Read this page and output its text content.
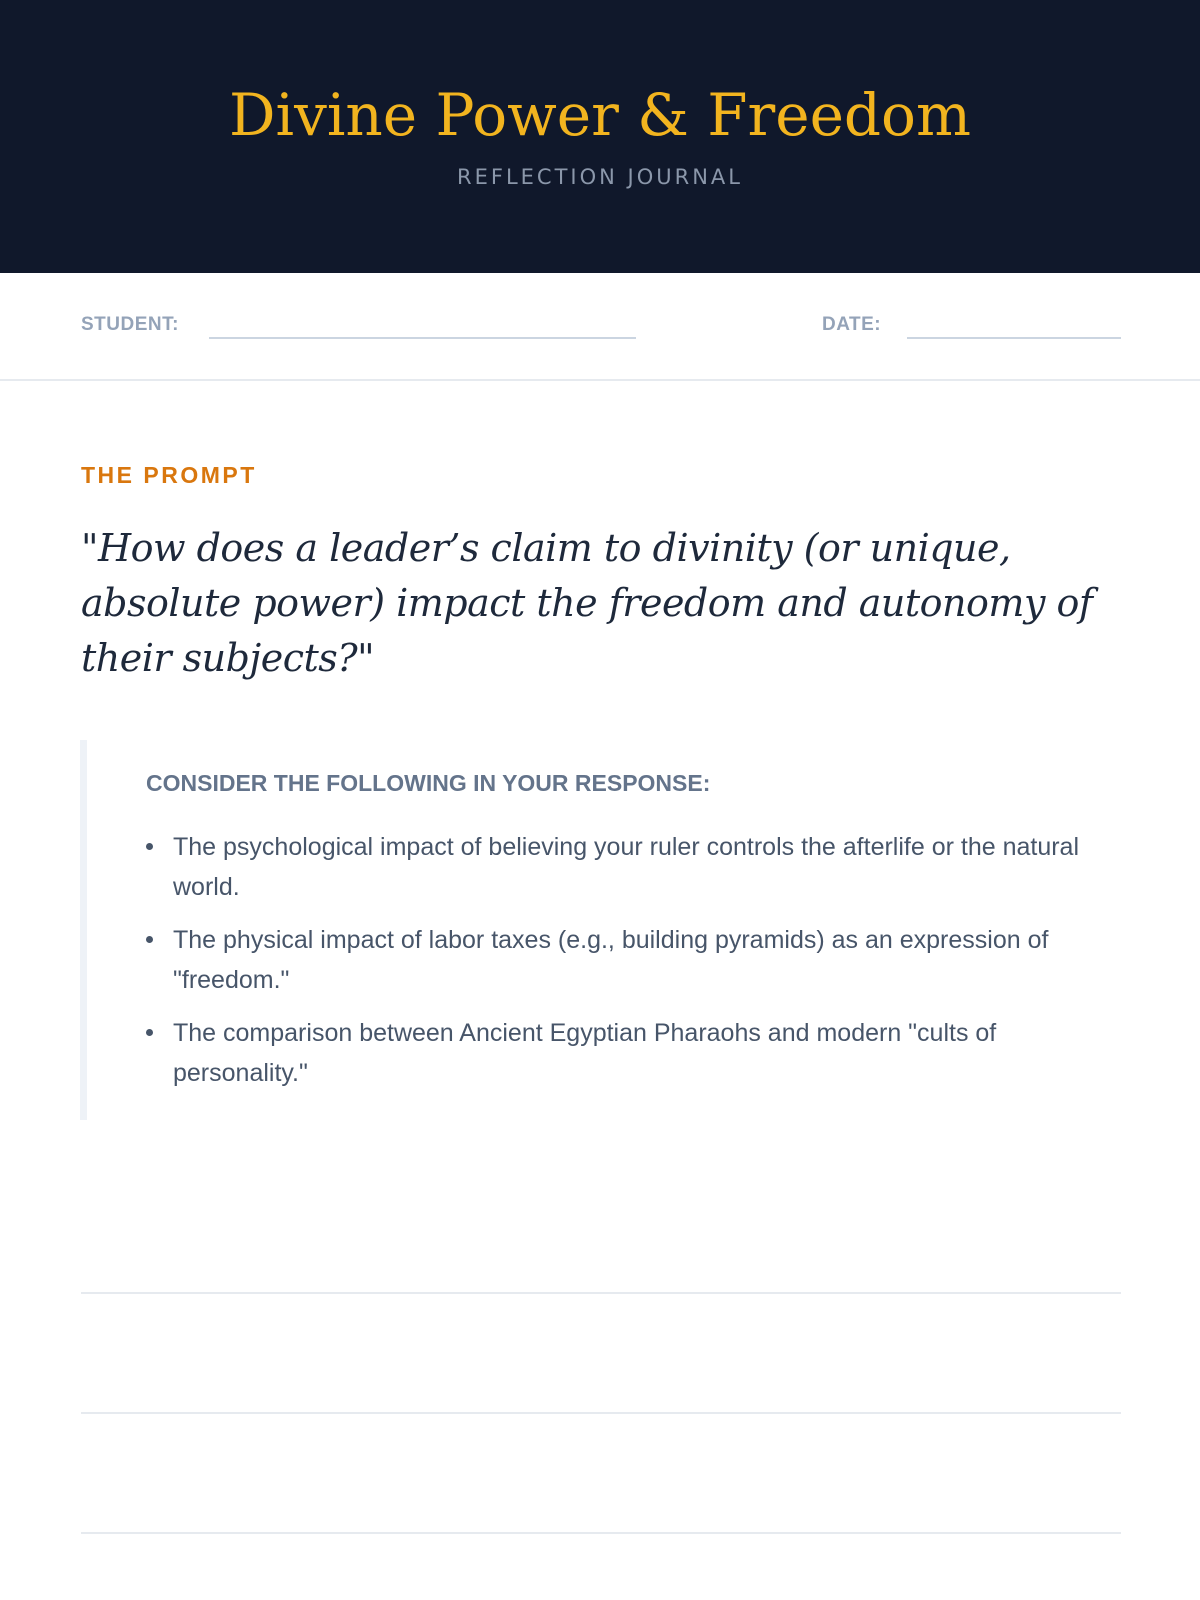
Divine Power & Freedom
REFLECTION JOURNAL
STUDENT:	DATE:
THE PROMPT
"How does a leader’s claim to divinity (or unique, absolute power) impact the freedom and autonomy of their subjects?"
CONSIDER THE FOLLOWING IN YOUR RESPONSE:
The psychological impact of believing your ruler controls the afterlife or the natural world.
The physical impact of labor taxes (e.g., building pyramids) as an expression of "freedom."
The comparison between Ancient Egyptian Pharaohs and modern "cults of personality."
